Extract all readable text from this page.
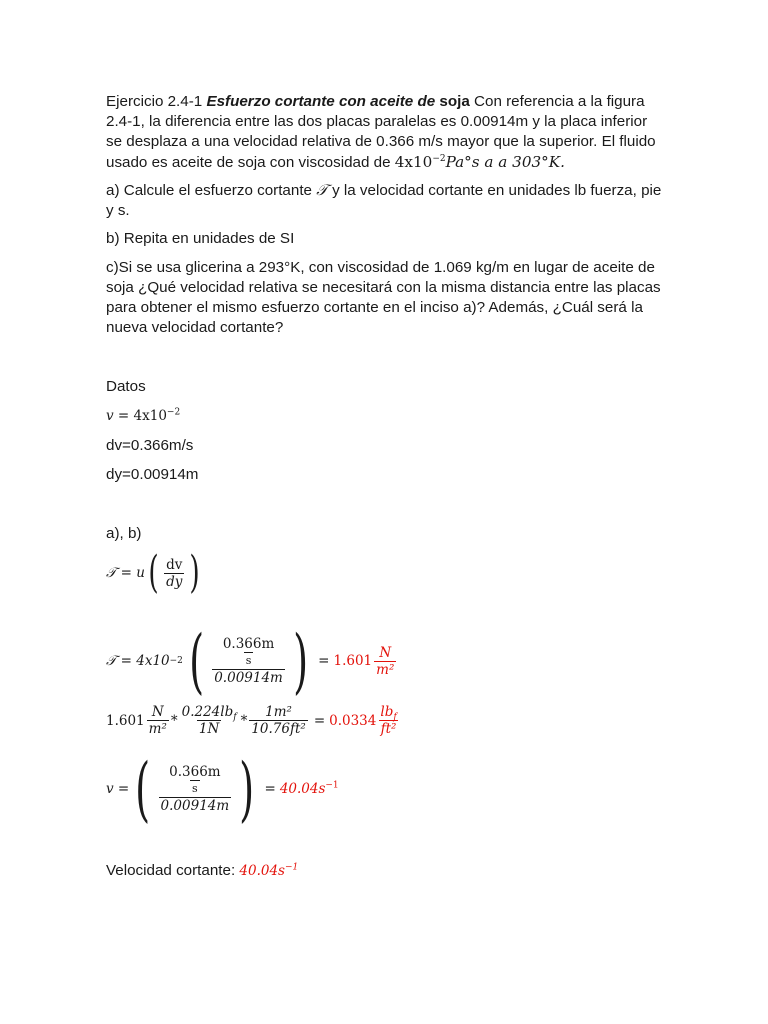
Ejercicio 2.4-1 Esfuerzo cortante con aceite de soja Con referencia a la figura 2.4-1, la diferencia entre las dos placas paralelas es 0.00914m y la placa inferior se desplaza a una velocidad relativa de 0.366 m/s mayor que la superior. El fluido usado es aceite de soja con viscosidad de $4x10^{-2}Pa^\circ s$ a a 303°K.

a) Calcule el esfuerzo cortante 𝒯 y la velocidad cortante en unidades lb fuerza, pie y s.

b) Repita en unidades de SI

c)Si se usa glicerina a 293°K, con viscosidad de 1.069 kg/m en lugar de aceite de soja ¿Qué velocidad relativa se necesitará con la misma distancia entre las placas para obtener el mismo esfuerzo cortante en el inciso a)? Además, ¿Cuál será la nueva velocidad cortante?

Datos

𝑣 = $4x10^{-2}$

dv=0.366m/s

dy=0.00914m

a), b)

𝒯 = 𝑢 ( $\frac{dv}{\text{𝑑𝑦}}$ )
𝒯 = 4𝑥10 −2 ( $\frac{\frac{0.366m}{s}}{\text{0.00914𝑚}}$ ) = $1.601 \frac{\text{𝑁}}{\text{𝑚²}}$
$1.601 \frac{\text{𝑁}}{\text{𝑚²}} * \frac{0.224𝑙𝑏_𝑓}{\text{1𝑁}} * \frac{\text{1𝑚²}}{\text{10.76𝑓𝑡²}} = 0.0334 \frac{𝑙𝑏_𝑓}{\text{𝑓𝑡²}}$
𝑣 = ( $\frac{\frac{0.366m}{s}}{\text{0.00914𝑚}}$ ) = 40.04𝑠$^{-1}$

Velocidad cortante: 40.04𝑠$^{-1}$
